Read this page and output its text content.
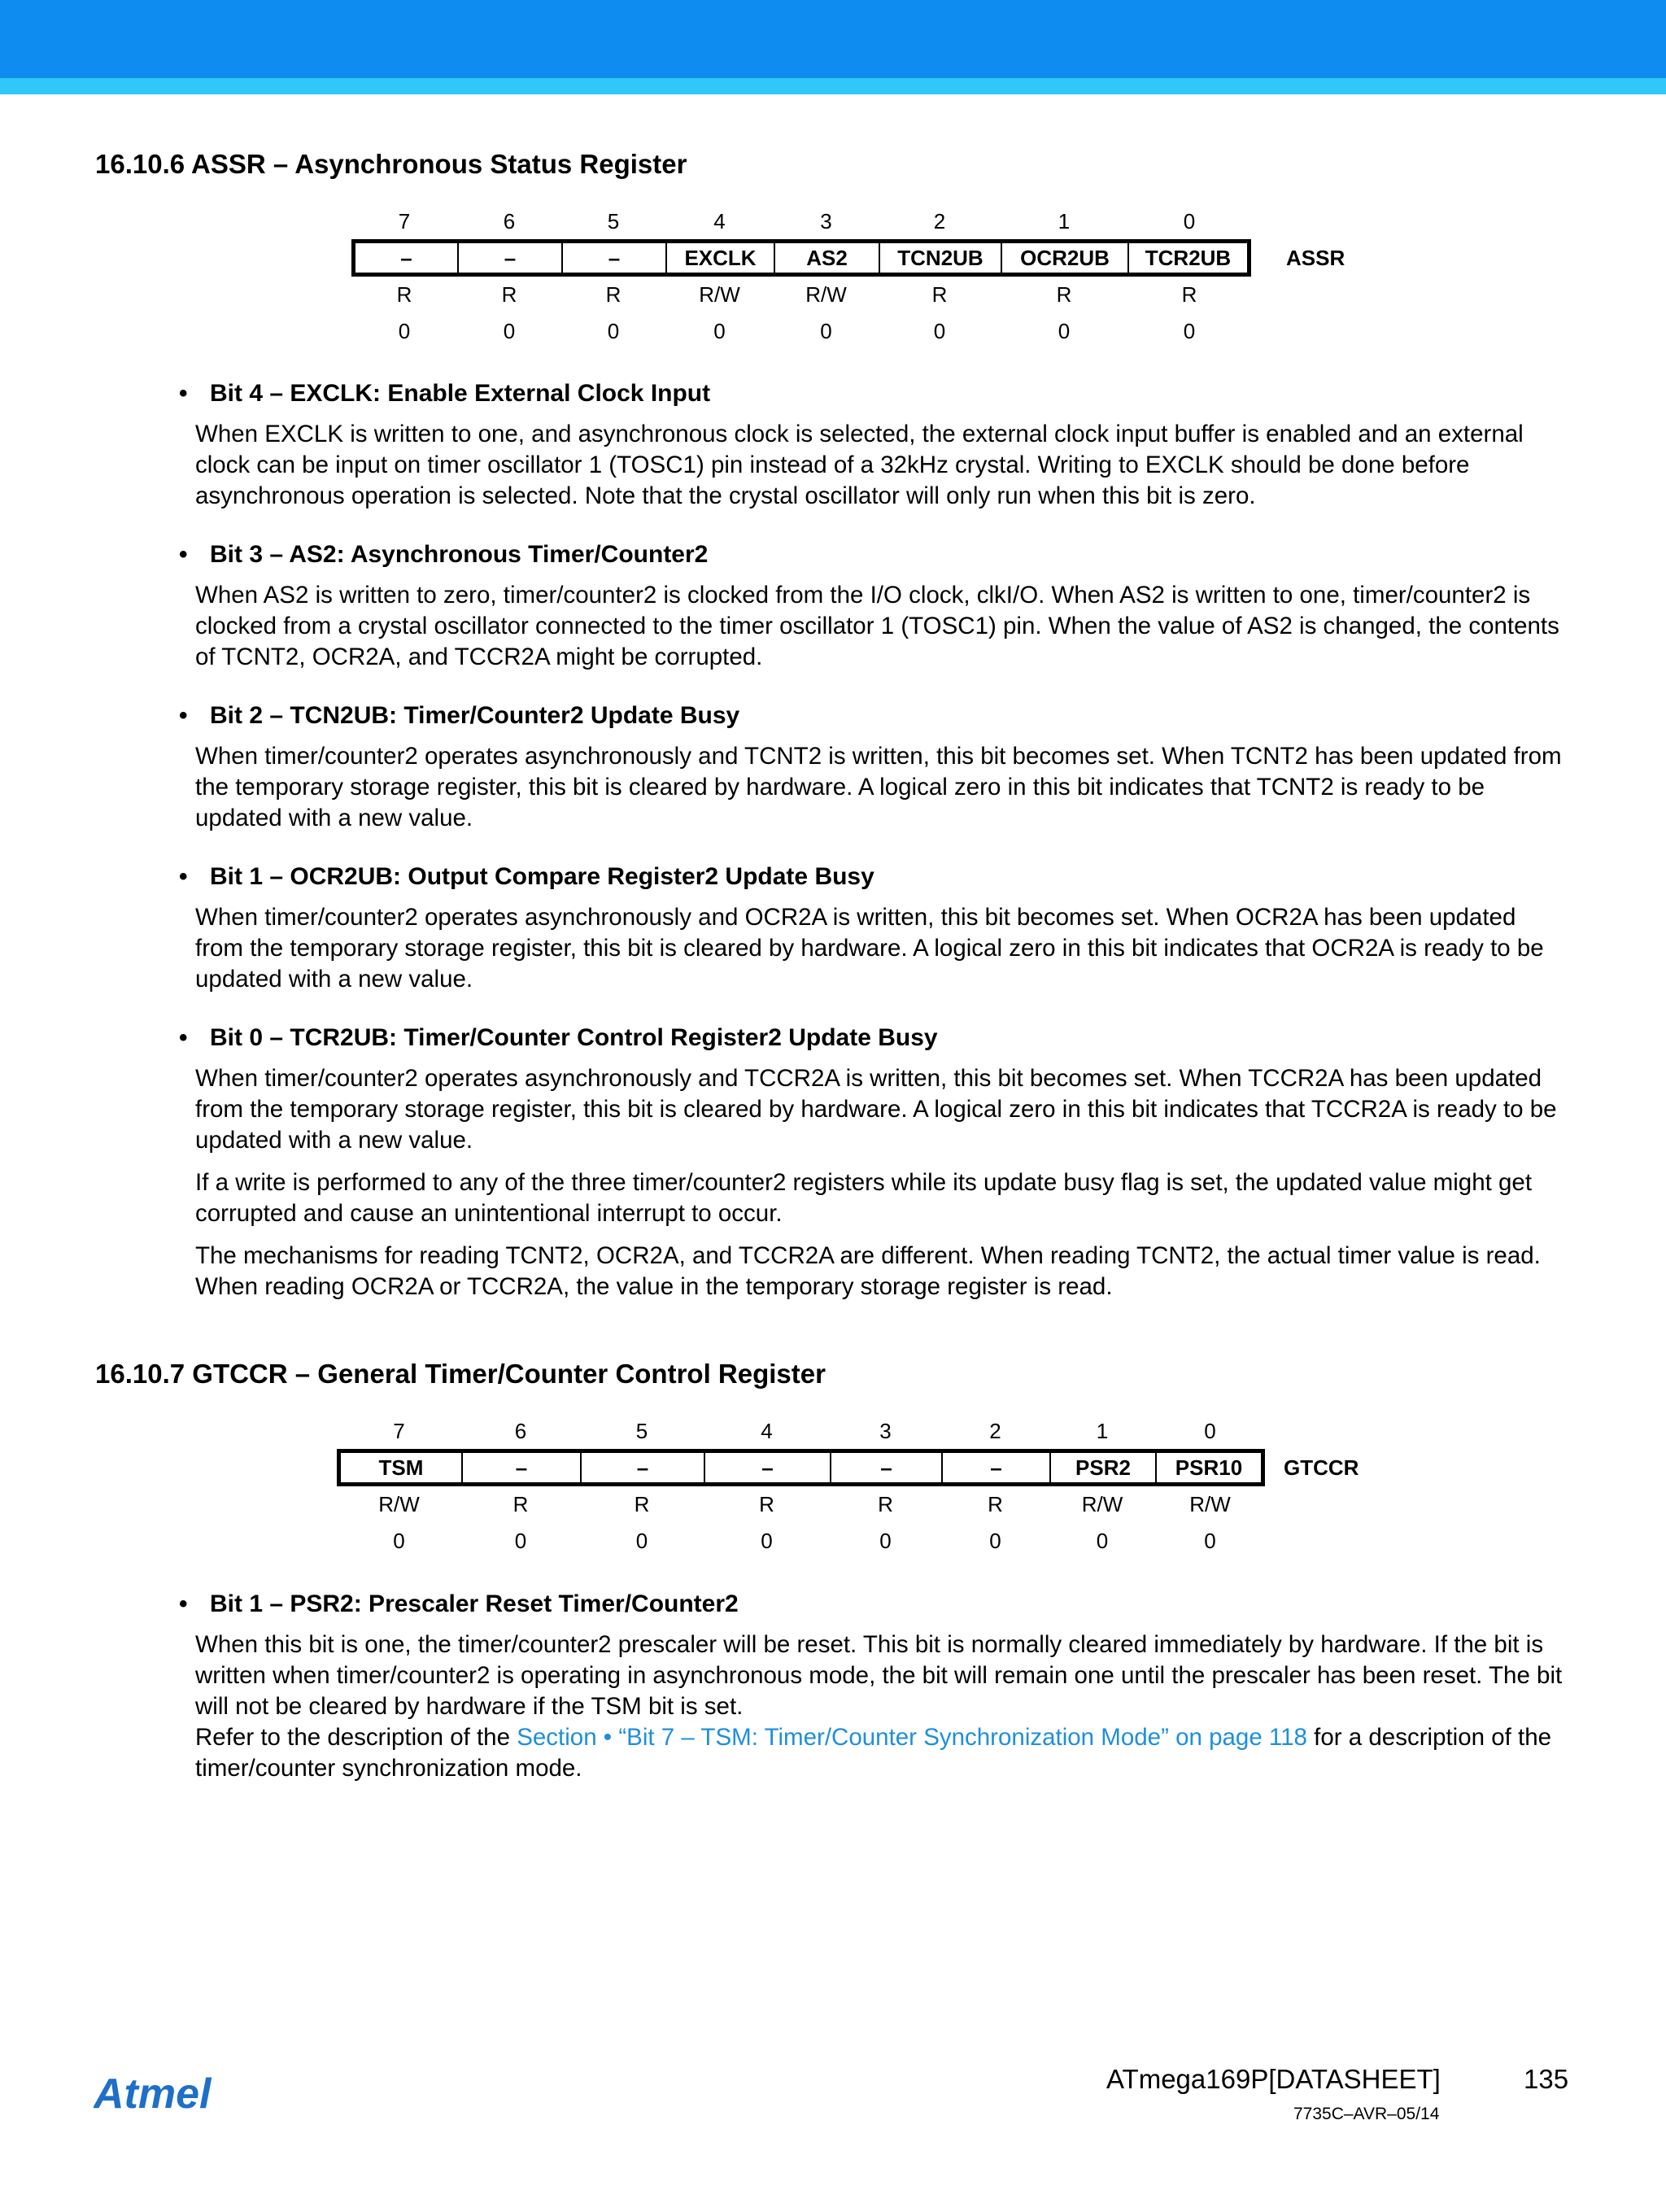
16.10.6 ASSR – Asynchronous Status Register
7	6	5	4	3	2	1	0
–	–	–	EXCLK	AS2	TCN2UB	OCR2UB	TCR2UB	ASSR
R	R	R	R/W	R/W	R	R	R
0	0	0	0	0	0	0	0
• Bit 4 – EXCLK: Enable External Clock Input

When EXCLK is written to one, and asynchronous clock is selected, the external clock input buffer is enabled and an external clock can be input on timer oscillator 1 (TOSC1) pin instead of a 32kHz crystal. Writing to EXCLK should be done before asynchronous operation is selected. Note that the crystal oscillator will only run when this bit is zero.

• Bit 3 – AS2: Asynchronous Timer/Counter2

When AS2 is written to zero, timer/counter2 is clocked from the I/O clock, clkI/O. When AS2 is written to one, timer/counter2 is clocked from a crystal oscillator connected to the timer oscillator 1 (TOSC1) pin. When the value of AS2 is changed, the contents of TCNT2, OCR2A, and TCCR2A might be corrupted.

• Bit 2 – TCN2UB: Timer/Counter2 Update Busy

When timer/counter2 operates asynchronously and TCNT2 is written, this bit becomes set. When TCNT2 has been updated from the temporary storage register, this bit is cleared by hardware. A logical zero in this bit indicates that TCNT2 is ready to be updated with a new value.

• Bit 1 – OCR2UB: Output Compare Register2 Update Busy

When timer/counter2 operates asynchronously and OCR2A is written, this bit becomes set. When OCR2A has been updated from the temporary storage register, this bit is cleared by hardware. A logical zero in this bit indicates that OCR2A is ready to be updated with a new value.

• Bit 0 – TCR2UB: Timer/Counter Control Register2 Update Busy

When timer/counter2 operates asynchronously and TCCR2A is written, this bit becomes set. When TCCR2A has been updated from the temporary storage register, this bit is cleared by hardware. A logical zero in this bit indicates that TCCR2A is ready to be updated with a new value.

If a write is performed to any of the three timer/counter2 registers while its update busy flag is set, the updated value might get corrupted and cause an unintentional interrupt to occur.

The mechanisms for reading TCNT2, OCR2A, and TCCR2A are different. When reading TCNT2, the actual timer value is read. When reading OCR2A or TCCR2A, the value in the temporary storage register is read.

16.10.7 GTCCR – General Timer/Counter Control Register
7	6	5	4	3	2	1	0
TSM	–	–	–	–	–	PSR2	PSR10	GTCCR
R/W	R	R	R	R	R	R/W	R/W
0	0	0	0	0	0	0	0
• Bit 1 – PSR2: Prescaler Reset Timer/Counter2

When this bit is one, the timer/counter2 prescaler will be reset. This bit is normally cleared immediately by hardware. If the bit is written when timer/counter2 is operating in asynchronous mode, the bit will remain one until the prescaler has been reset. The bit will not be cleared by hardware if the TSM bit is set.

Refer to the description of the Section • “Bit 7 – TSM: Timer/Counter Synchronization Mode” on page 118 for a description of the timer/counter synchronization mode.

Atmel	ATmega169P[DATASHEET]	135
7735C–AVR–05/14
